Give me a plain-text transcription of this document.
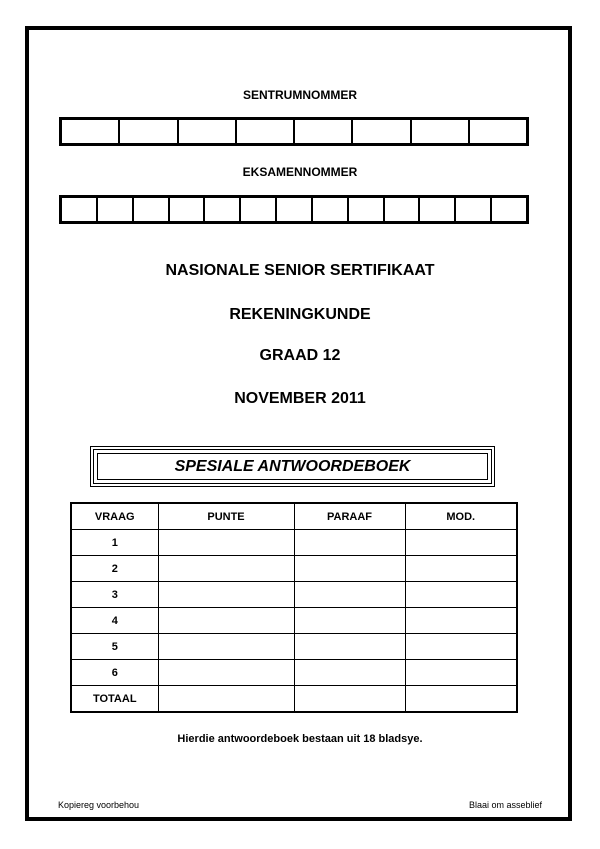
SENTRUMNOMMER
EKSAMENNOMMER
NASIONALE SENIOR SERTIFIKAAT
REKENINGKUNDE
GRAAD 12
NOVEMBER 2011
SPESIALE ANTWOORDEBOEK
VRAAG	PUNTE	PARAAF	MOD.
1			
2			
3			
4			
5			
6			
TOTAAL			
Hierdie antwoordeboek bestaan uit 18 bladsye.
Kopiereg voorbehou	Blaai om asseblief
